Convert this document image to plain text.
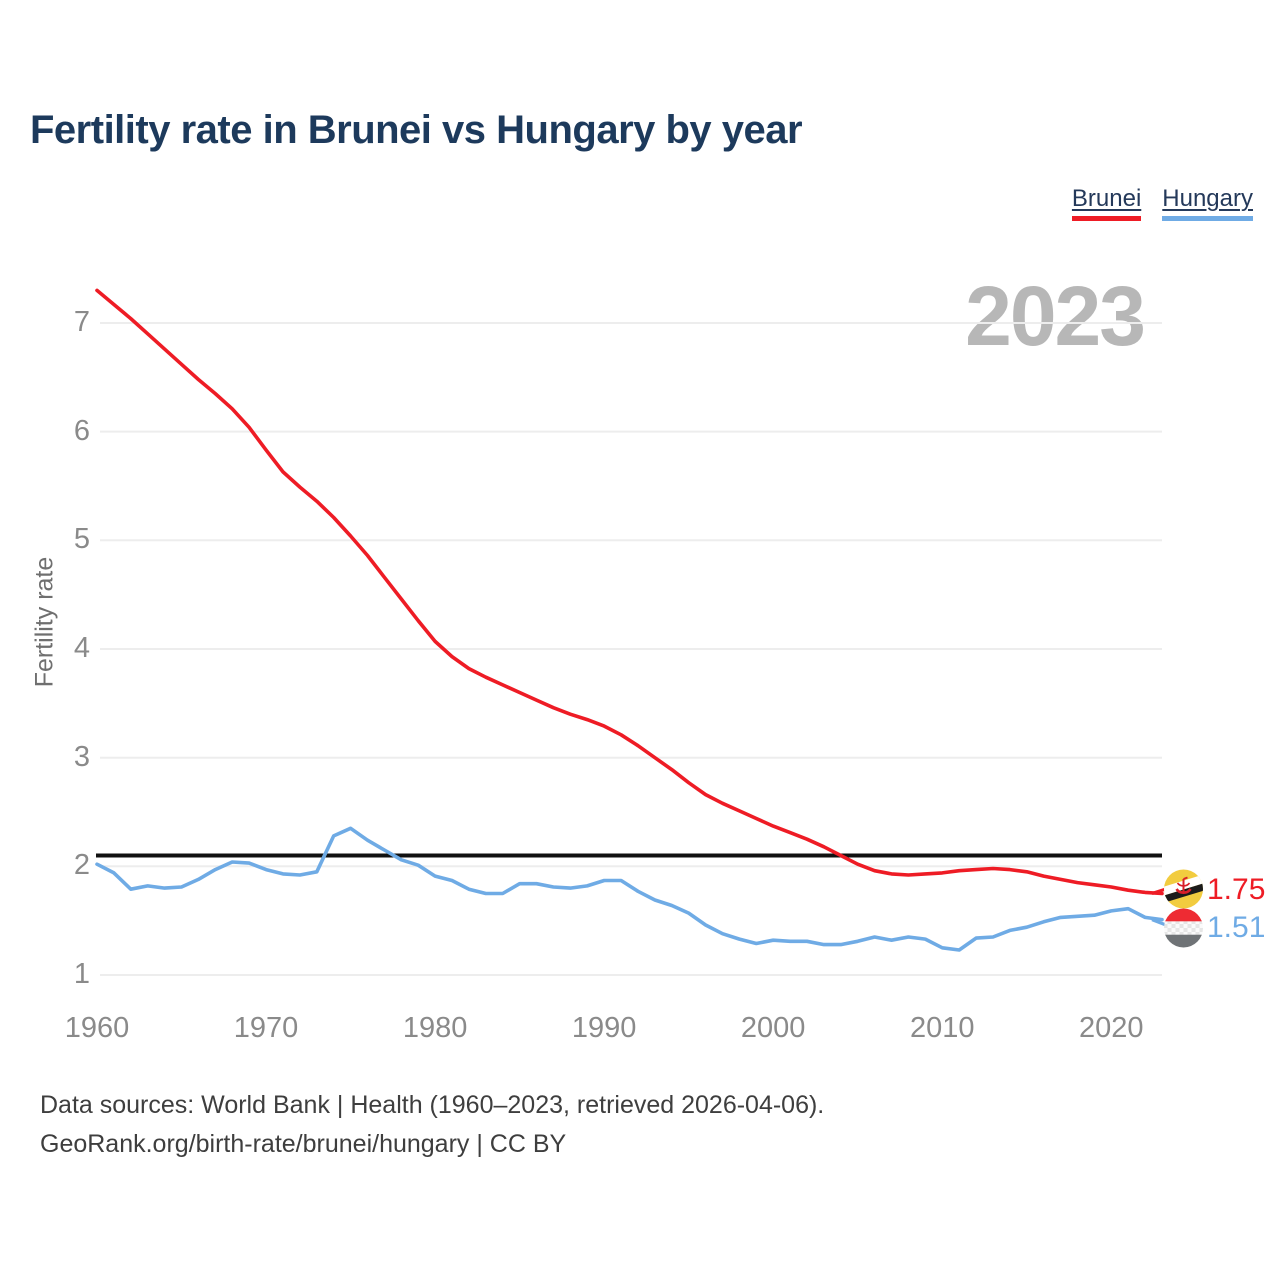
Fertility rate in Brunei vs Hungary by year
Brunei Hungary
2023
Fertility rate
1.75
1.51
Data sources: World Bank | Health (1960–2023, retrieved 2026-04-06).
GeoRank.org/birth-rate/brunei/hungary | CC BY
1
2
3
4
5
6
7
1960	1970	1980	1990	2000	2010	2020
